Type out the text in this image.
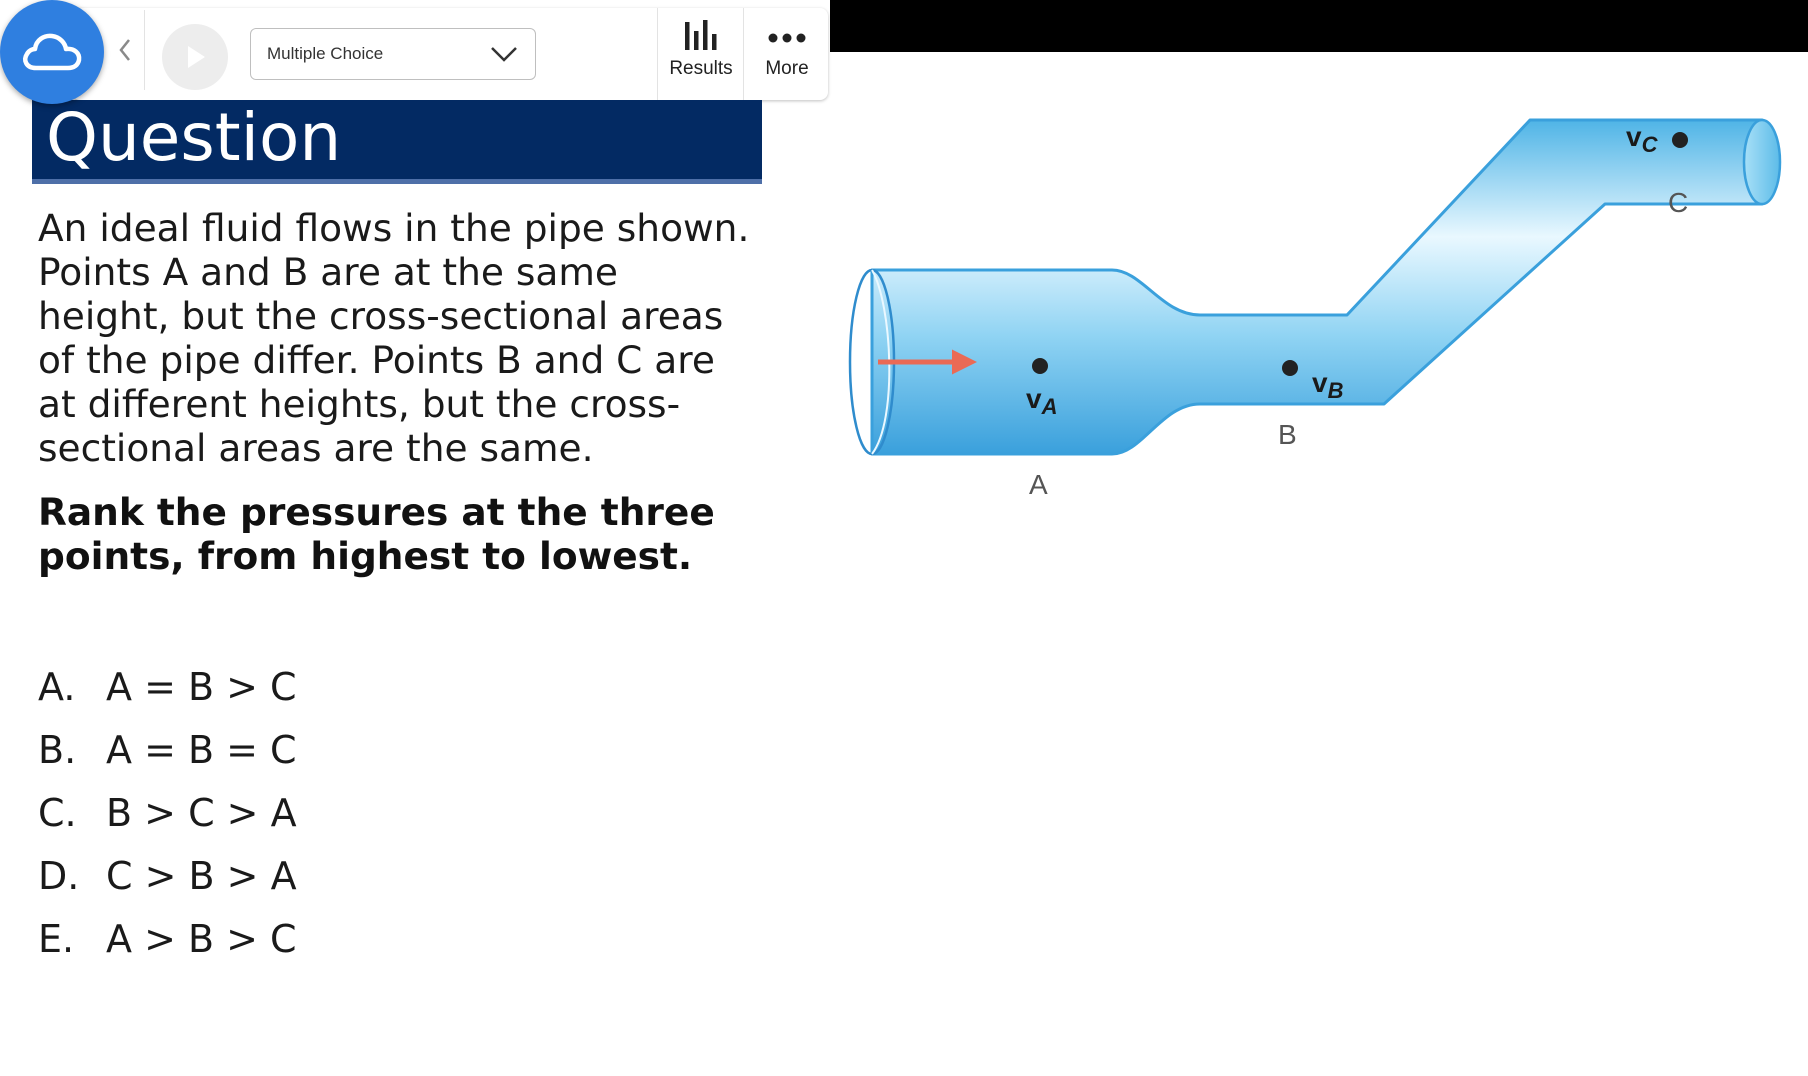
Multiple Choice
Results More
Question

An ideal fluid flows in the pipe shown. Points A and B are at the same height, but the cross-sectional areas of the pipe differ. Points B and C are at different heights, but the cross-sectional areas are the same.

Rank the pressures at the three points, from highest to lowest.

A. A = B > C
B. A = B = C
C. B > C > A
D. C > B > A
E. A > B > C
$v_A$
$v_B$
$v_C$
A
B
C
